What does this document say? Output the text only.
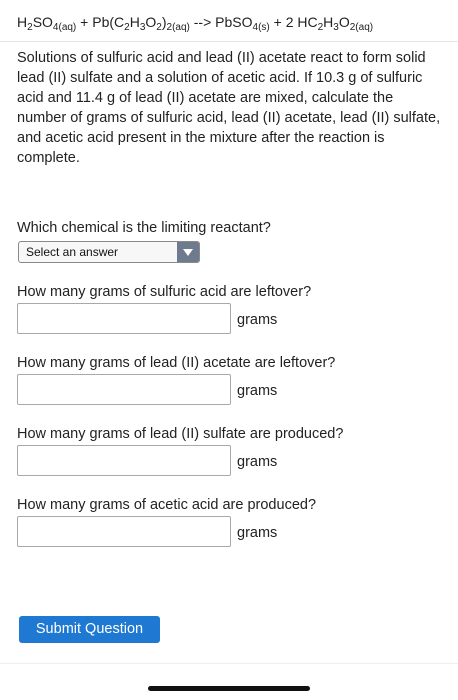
$H_2SO_{4(aq)} + Pb(C_2H_3O_2)_{2(aq)}$ --> PbSO$_{4(s)}$ + 2 $HC_2H_3O_{2(aq)}$
Solutions of sulfuric acid and lead (II) acetate react to form solid lead (II) sulfate and a solution of acetic acid. If 10.3 g of sulfuric acid and 11.4 g of lead (II) acetate are mixed, calculate the number of grams of sulfuric acid, lead (II) acetate, lead (II) sulfate, and acetic acid present in the mixture after the reaction is complete.
Which chemical is the limiting reactant?
Select an answer
How many grams of sulfuric acid are leftover?
grams
How many grams of lead (II) acetate are leftover?
grams
How many grams of lead (II) sulfate are produced?
grams
How many grams of acetic acid are produced?
grams
Submit Question
